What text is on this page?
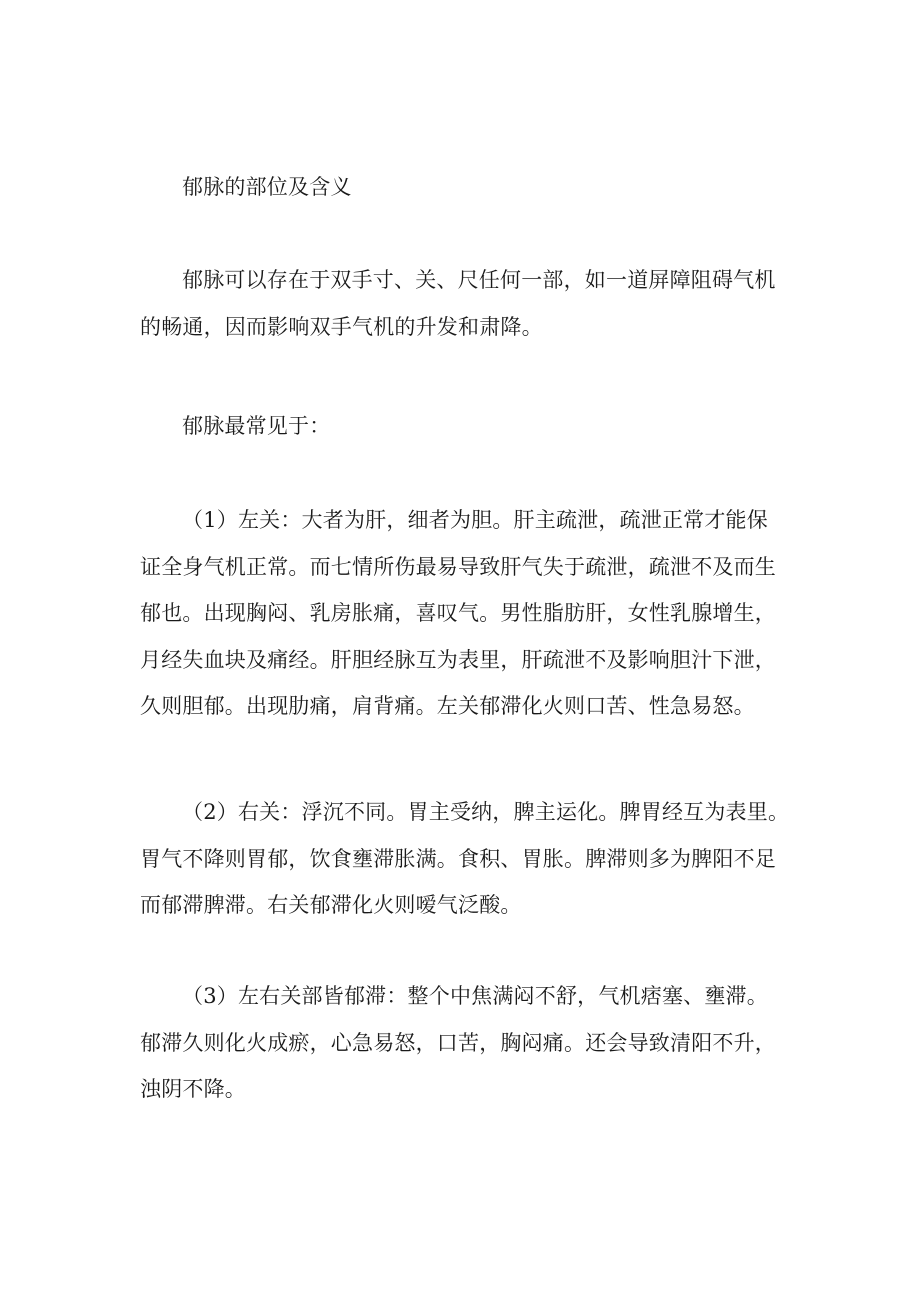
郁脉的部位及含义

郁脉可以存在于双手寸、关、尺任何一部，如一道屏障阻碍气机
的畅通，因而影响双手气机的升发和肃降。

郁脉最常见于：

（1）左关：大者为肝，细者为胆。肝主疏泄，疏泄正常才能保
证全身气机正常。而七情所伤最易导致肝气失于疏泄，疏泄不及而生
郁也。出现胸闷、乳房胀痛，喜叹气。男性脂肪肝，女性乳腺增生，
月经失血块及痛经。肝胆经脉互为表里，肝疏泄不及影响胆汁下泄，
久则胆郁。出现肋痛，肩背痛。左关郁滞化火则口苦、性急易怒。

（2）右关：浮沉不同。胃主受纳，脾主运化。脾胃经互为表里。
胃气不降则胃郁，饮食壅滞胀满。食积、胃胀。脾滞则多为脾阳不足
而郁滞脾滞。右关郁滞化火则嗳气泛酸。

（3）左右关部皆郁滞：整个中焦满闷不舒，气机痞塞、壅滞。
郁滞久则化火成瘀，心急易怒，口苦，胸闷痛。还会导致清阳不升，
浊阴不降。
